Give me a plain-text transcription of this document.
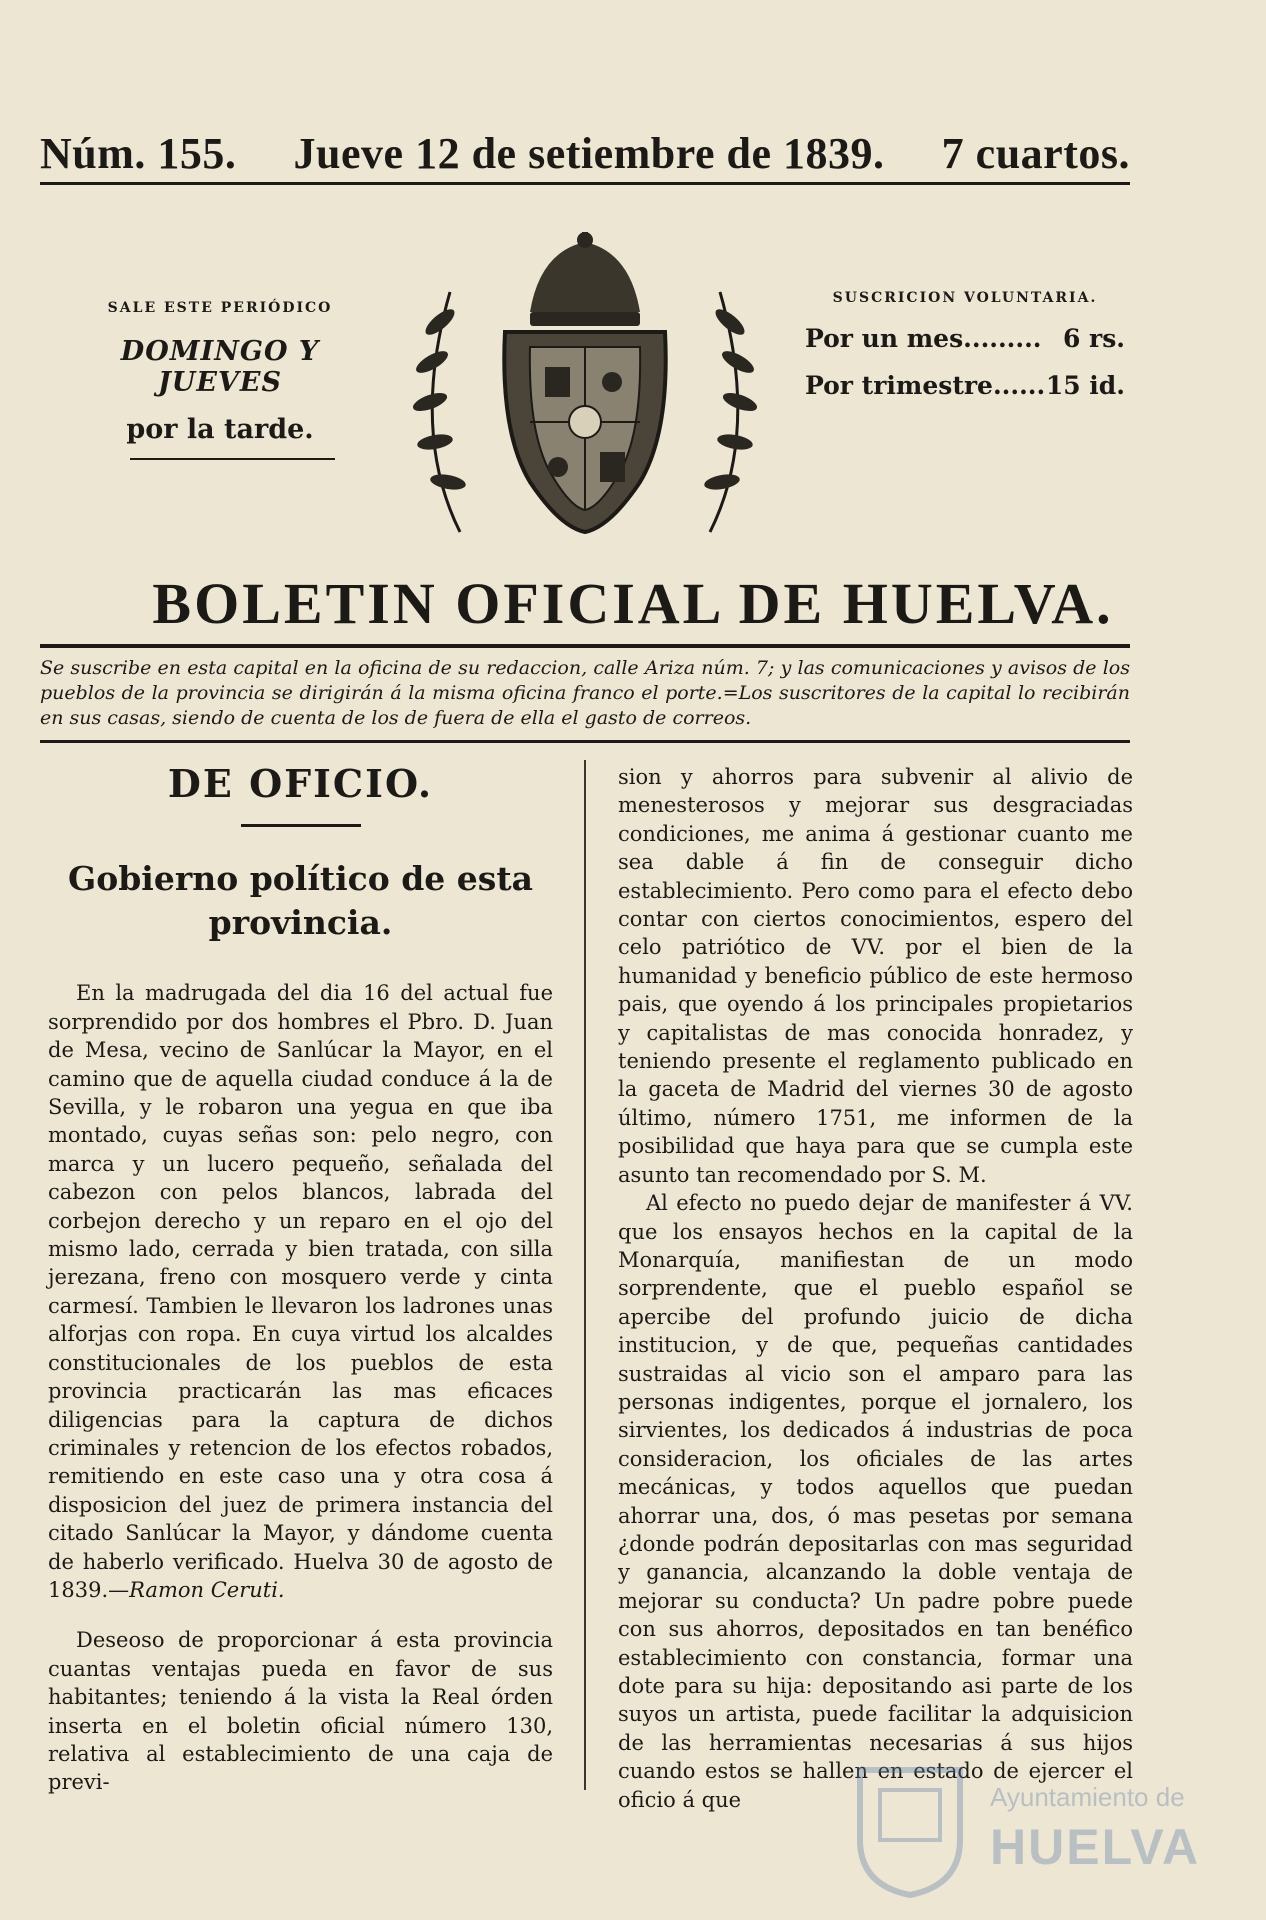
Núm. 155. Jueve 12 de setiembre de 1839. 7 cuartos.
SALE ESTE PERIÓDICO
DOMINGO Y JUEVES
por la tarde.
SUSCRICION VOLUNTARIA.
Por un mes......... 6 rs.
Por trimestre...... 15 id.
BOLETIN OFICIAL DE HUELVA.
Se suscribe en esta capital en la oficina de su redaccion, calle Ariza núm. 7; y las comunicaciones y avisos de los pueblos de la provincia se dirigirán á la misma oficina franco el porte.=Los suscritores de la capital lo recibirán en sus casas, siendo de cuenta de los de fuera de ella el gasto de correos.
DE OFICIO.
Gobierno político de esta provincia.

En la madrugada del dia 16 del actual fue sorprendido por dos hombres el Pbro. D. Juan de Mesa, vecino de Sanlúcar la Mayor, en el camino que de aquella ciudad conduce á la de Sevilla, y le robaron una yegua en que iba montado, cuyas señas son: pelo negro, con marca y un lucero pequeño, señalada del cabezon con pelos blancos, labrada del corbejon derecho y un reparo en el ojo del mismo lado, cerrada y bien tratada, con silla jerezana, freno con mosquero verde y cinta carmesí. Tambien le llevaron los ladrones unas alforjas con ropa. En cuya virtud los alcaldes constitucionales de los pueblos de esta provincia practicarán las mas eficaces diligencias para la captura de dichos criminales y retencion de los efectos robados, remitiendo en este caso una y otra cosa á disposicion del juez de primera instancia del citado Sanlúcar la Mayor, y dándome cuenta de haberlo verificado. Huelva 30 de agosto de 1839.—Ramon Ceruti.

Deseoso de proporcionar á esta provincia cuantas ventajas pueda en favor de sus habitantes; teniendo á la vista la Real órden inserta en el boletin oficial número 130, relativa al establecimiento de una caja de previ-

sion y ahorros para subvenir al alivio de menesterosos y mejorar sus desgraciadas condiciones, me anima á gestionar cuanto me sea dable á fin de conseguir dicho establecimiento. Pero como para el efecto debo contar con ciertos conocimientos, espero del celo patriótico de VV. por el bien de la humanidad y beneficio público de este hermoso pais, que oyendo á los principales propietarios y capitalistas de mas conocida honradez, y teniendo presente el reglamento publicado en la gaceta de Madrid del viernes 30 de agosto último, número 1751, me informen de la posibilidad que haya para que se cumpla este asunto tan recomendado por S. M.

Al efecto no puedo dejar de manifester á VV. que los ensayos hechos en la capital de la Monarquía, manifiestan de un modo sorprendente, que el pueblo español se apercibe del profundo juicio de dicha institucion, y de que, pequeñas cantidades sustraidas al vicio son el amparo para las personas indigentes, porque el jornalero, los sirvientes, los dedicados á industrias de poca consideracion, los oficiales de las artes mecánicas, y todos aquellos que puedan ahorrar una, dos, ó mas pesetas por semana ¿donde podrán depositarlas con mas seguridad y ganancia, alcanzando la doble ventaja de mejorar su conducta? Un padre pobre puede con sus ahorros, depositados en tan benéfico establecimiento con constancia, formar una dote para su hija: depositando asi parte de los suyos un artista, puede facilitar la adquisicion de las herramientas necesarias á sus hijos cuando estos se hallen en estado de ejercer el oficio á que	Ayuntamiento de
HUELVA
